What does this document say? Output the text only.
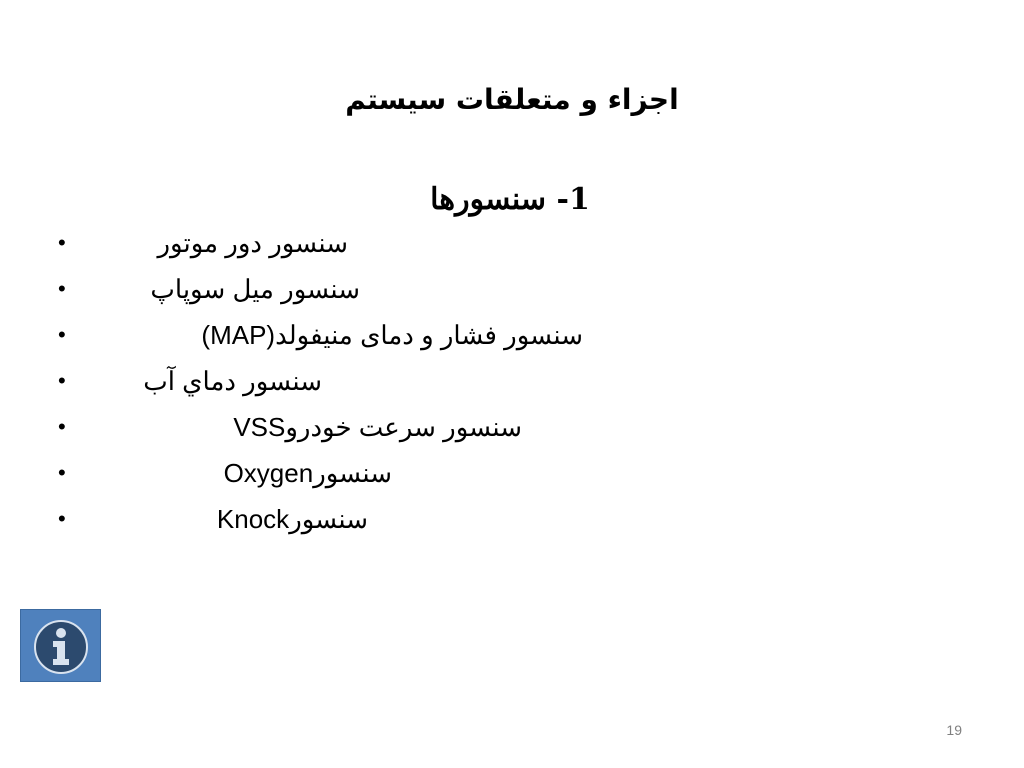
اجزاء و متعلقات سیستم
1- سنسورها
•	سنسور دور موتور
•	سنسور میل سوپاپ
•	سنسور فشار و دمای منیفولد(MAP)
•	سنسور دماي آب
•	سنسور سرعت خودروVSS
•	سنسورOxygen
•	سنسورKnock
19
